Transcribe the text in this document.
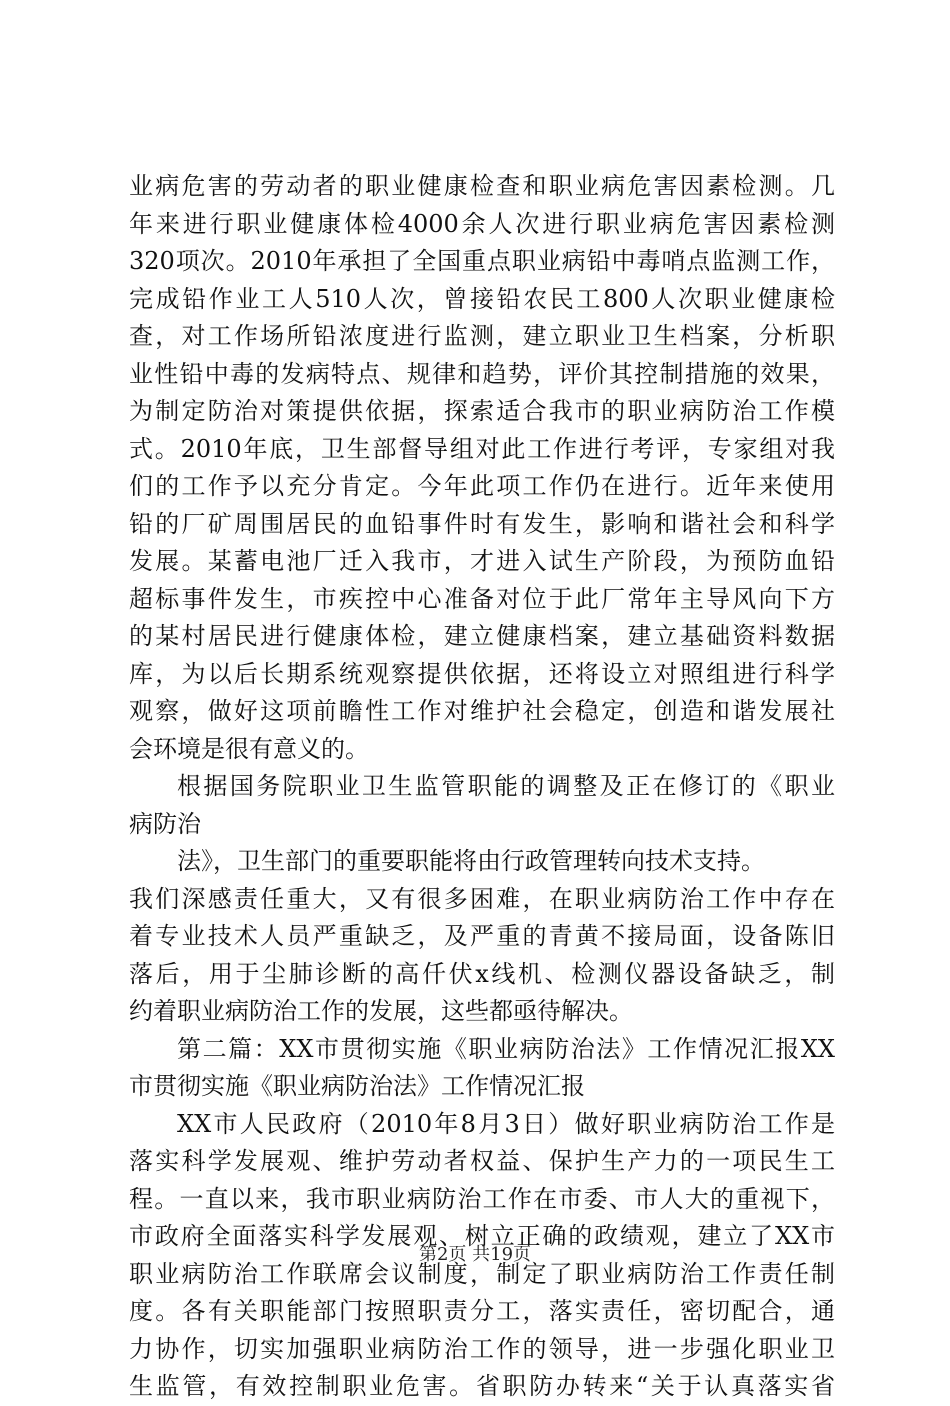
业病危害的劳动者的职业健康检查和职业病危害因素检测。几
年来进行职业健康体检4000余人次进行职业病危害因素检测
320项次。2010年承担了全国重点职业病铅中毒哨点监测工作，
完成铅作业工人510人次，曾接铅农民工800人次职业健康检
查，对工作场所铅浓度进行监测，建立职业卫生档案，分析职
业性铅中毒的发病特点、规律和趋势，评价其控制措施的效果，
为制定防治对策提供依据，探索适合我市的职业病防治工作模
式。2010年底，卫生部督导组对此工作进行考评，专家组对我
们的工作予以充分肯定。今年此项工作仍在进行。近年来使用
铅的厂矿周围居民的血铅事件时有发生，影响和谐社会和科学
发展。某蓄电池厂迁入我市，才进入试生产阶段，为预防血铅
超标事件发生，市疾控中心准备对位于此厂常年主导风向下方
的某村居民进行健康体检，建立健康档案，建立基础资料数据
库，为以后长期系统观察提供依据，还将设立对照组进行科学
观察，做好这项前瞻性工作对维护社会稳定，创造和谐发展社
会环境是很有意义的。
根据国务院职业卫生监管职能的调整及正在修订的《职业
病防治
法》，卫生部门的重要职能将由行政管理转向技术支持。
我们深感责任重大，又有很多困难，在职业病防治工作中存在
着专业技术人员严重缺乏，及严重的青黄不接局面，设备陈旧
落后，用于尘肺诊断的高仟伏x线机、检测仪器设备缺乏，制
约着职业病防治工作的发展，这些都亟待解决。
第二篇：XX市贯彻实施《职业病防治法》工作情况汇报XX
市贯彻实施《职业病防治法》工作情况汇报
XX市人民政府（2010年8月3日）做好职业病防治工作是
落实科学发展观、维护劳动者权益、保护生产力的一项民生工
程。一直以来，我市职业病防治工作在市委、市人大的重视下，
市政府全面落实科学发展观、树立正确的政绩观，建立了XX市
职业病防治工作联席会议制度，制定了职业病防治工作责任制
度。各有关职能部门按照职责分工，落实责任，密切配合，通
力协作，切实加强职业病防治工作的领导，进一步强化职业卫
生监管，有效控制职业危害。省职防办转来“关于认真落实省
第2页 共19页
